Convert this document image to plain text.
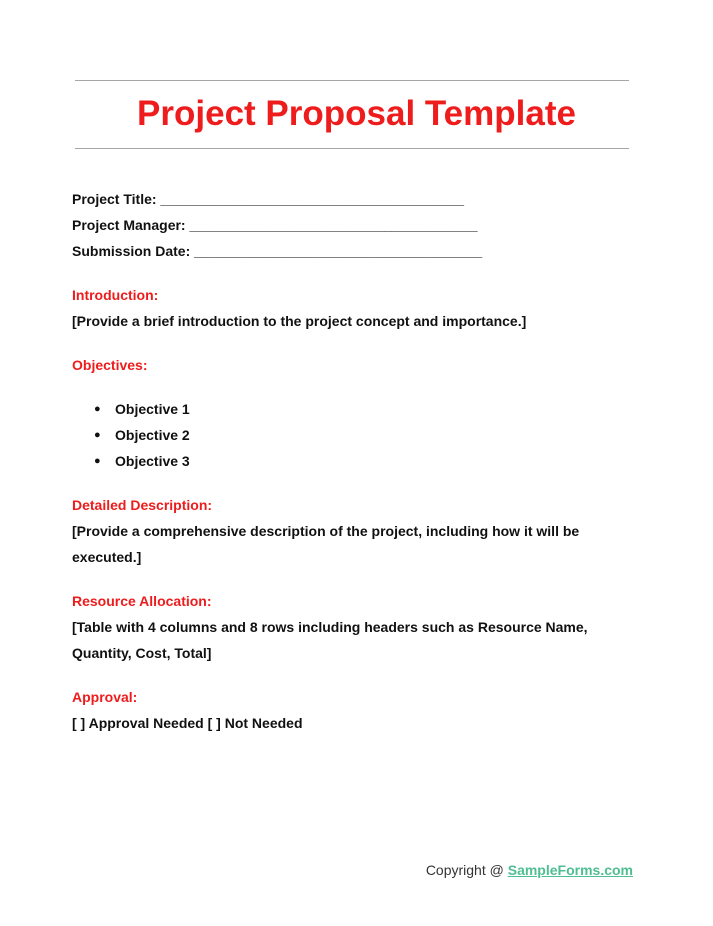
Project Proposal Template

Project Title: _______________________________________

Project Manager: _____________________________________

Submission Date: _____________________________________

Introduction:

[Provide a brief introduction to the project concept and importance.]

Objectives:

● Objective 1
● Objective 2
● Objective 3

Detailed Description:

[Provide a comprehensive description of the project, including how it will be executed.]

Resource Allocation:

[Table with 4 columns and 8 rows including headers such as Resource Name, Quantity, Cost, Total]

Approval:

[ ] Approval Needed [ ] Not Needed

Copyright @ SampleForms.com
